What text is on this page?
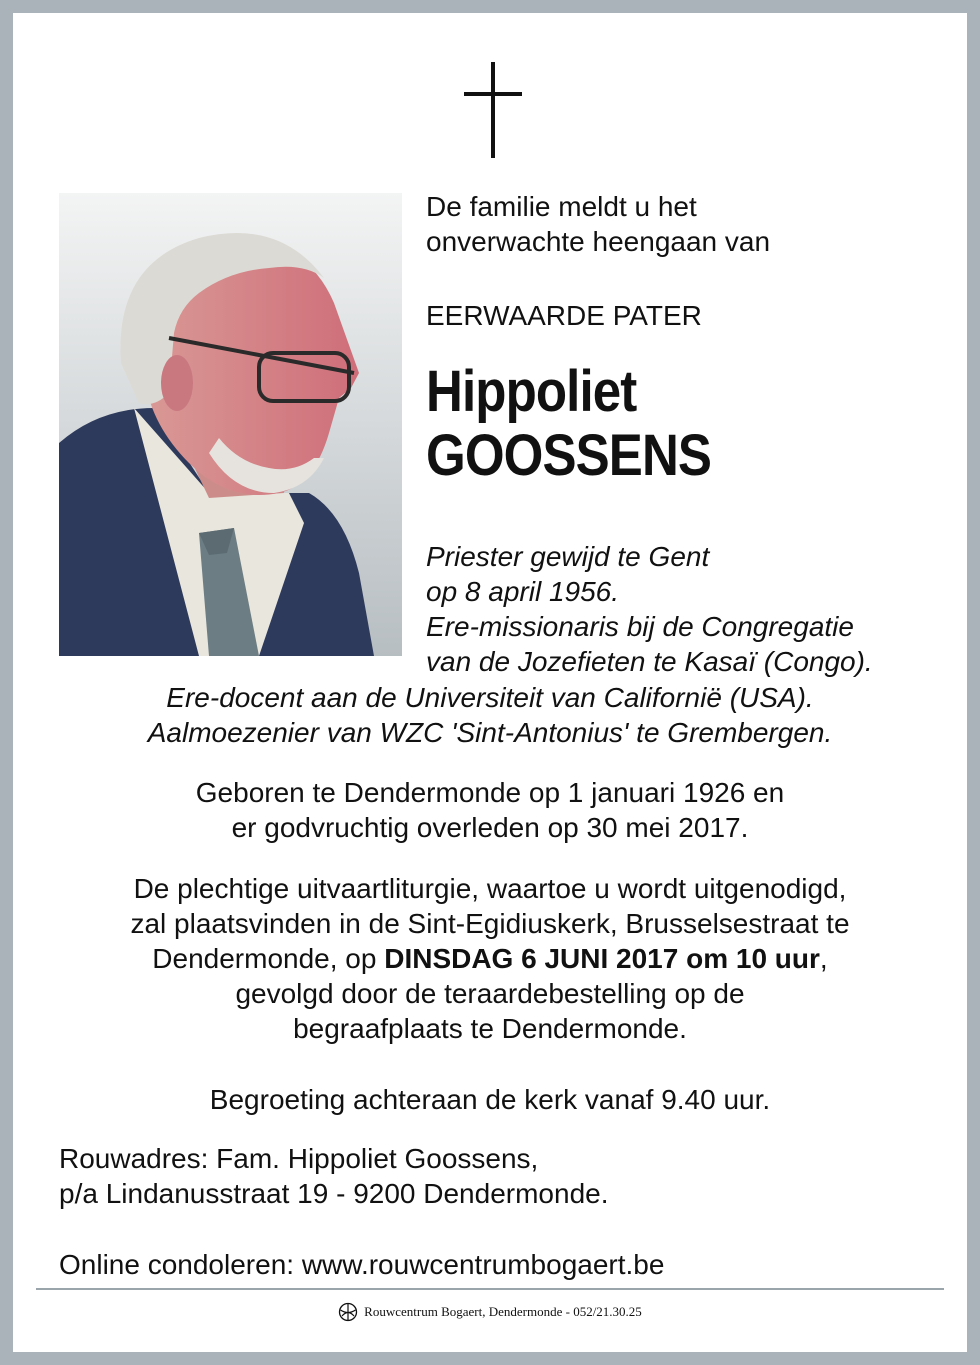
De familie meldt u het
onverwachte heengaan van
EERWAARDE PATER
Hippoliet
GOOSSENS
Priester gewijd te Gent
op 8 april 1956.
Ere-missionaris bij de Congregatie
van de Jozefieten te Kasaï (Congo).
Ere-docent aan de Universiteit van Californië (USA).
Aalmoezenier van WZC 'Sint-Antonius' te Grembergen.
Geboren te Dendermonde op 1 januari 1926 en
er godvruchtig overleden op 30 mei 2017.
De plechtige uitvaartliturgie, waartoe u wordt uitgenodigd,
zal plaatsvinden in de Sint-Egidiuskerk, Brusselsestraat te
Dendermonde, op DINSDAG 6 JUNI 2017 om 10 uur,
gevolgd door de teraardebestelling op de
begraafplaats te Dendermonde.
Begroeting achteraan de kerk vanaf 9.40 uur.
Rouwadres: Fam. Hippoliet Goossens,
p/a Lindanusstraat 19 - 9200 Dendermonde.
Online condoleren: www.rouwcentrumbogaert.be
Rouwcentrum Bogaert, Dendermonde - 052/21.30.25
